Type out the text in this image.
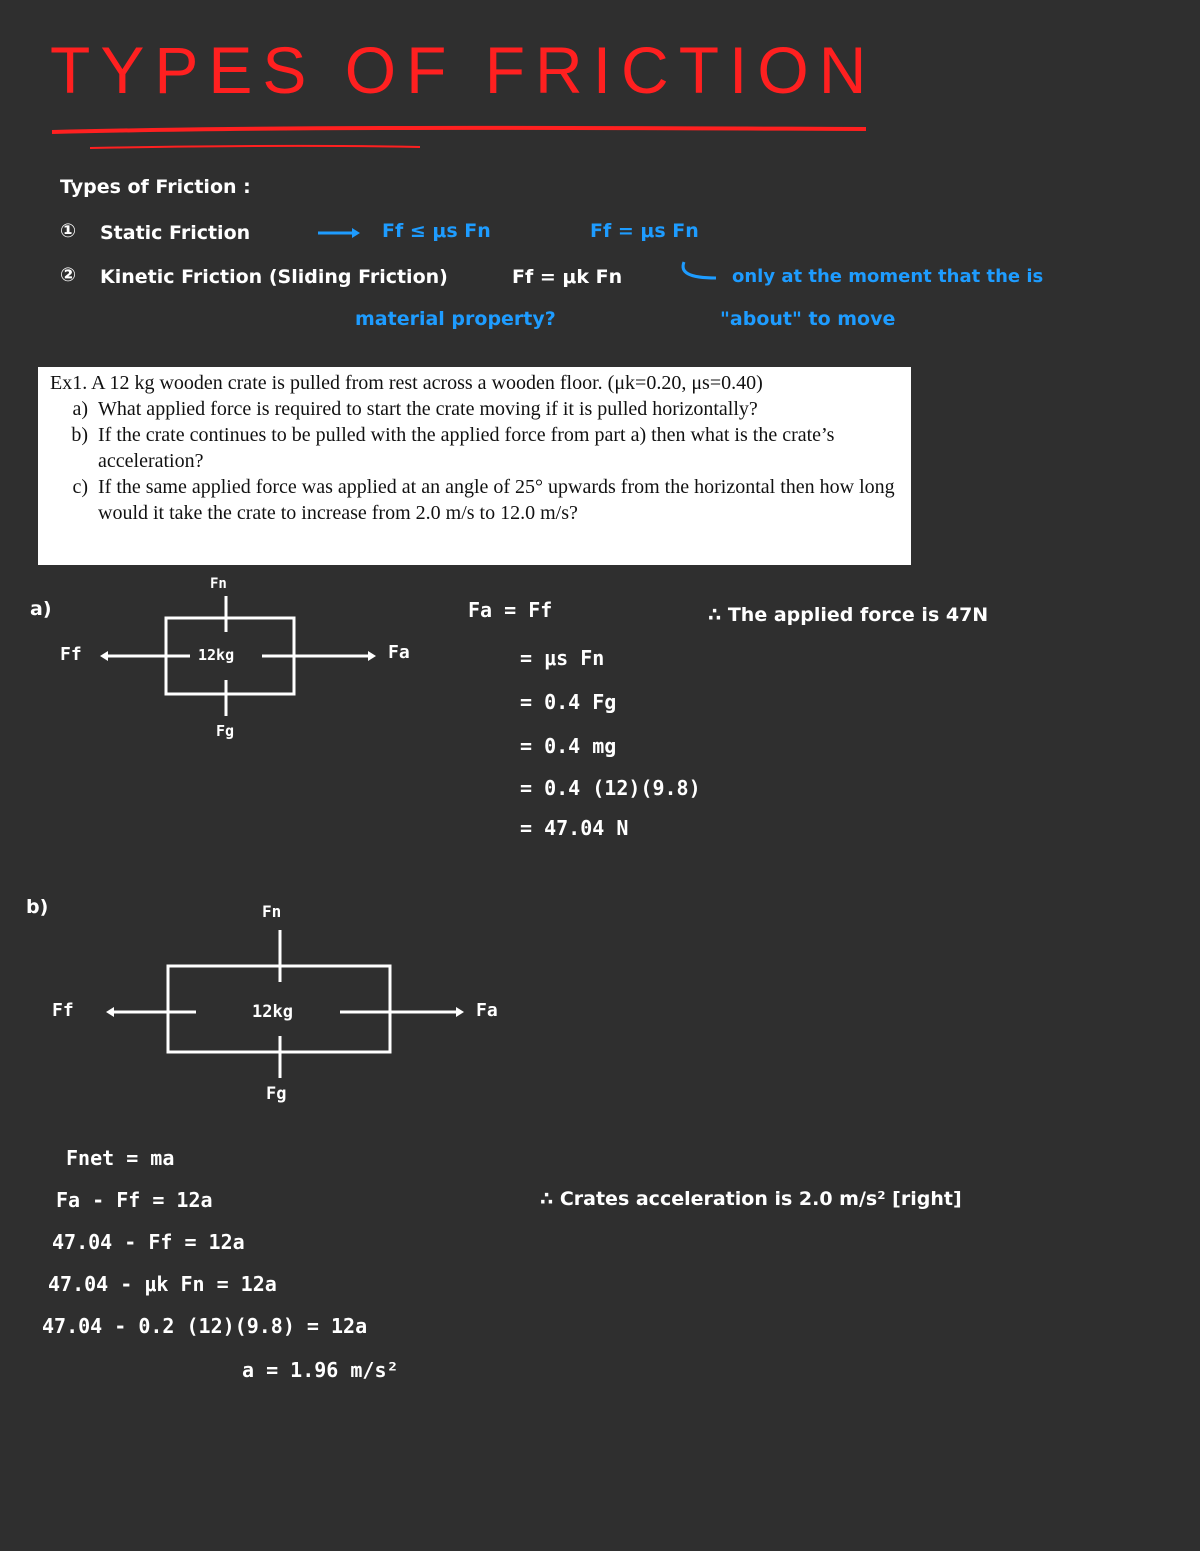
TYPES OF FRICTION
Types of Friction :
① Static Friction	Ff ≤ μs Fn	Ff = μs Fn
② Kinetic Friction (Sliding Friction)	Ff = μk Fn	only at the moment that the is
material property?	"about" to move
Ex1. A 12 kg wooden crate is pulled from rest across a wooden floor. (μk=0.20, μs=0.40)
a) What applied force is required to start the crate moving if it is pulled horizontally?
b) If the crate continues to be pulled with the applied force from part a) then what is the crate’s acceleration?
c) If the same applied force was applied at an angle of 25° upwards from the horizontal then how long would it take the crate to increase from 2.0 m/s to 12.0 m/s?
a)
Fn
12kg
Fg
Ff	Fa
Fa = Ff
= μs Fn
= 0.4 Fg
= 0.4 mg
= 0.4 (12)(9.8)
= 47.04 N
∴ The applied force is 47N
b)	Fn
12kg
Fg
Ff	Fa
Fnet = ma
Fa - Ff = 12a
47.04 - Ff = 12a
47.04 - μk Fn = 12a
47.04 - 0.2 (12)(9.8) = 12a
a = 1.96 m/s²
∴ Crates acceleration is 2.0 m/s² [right]
